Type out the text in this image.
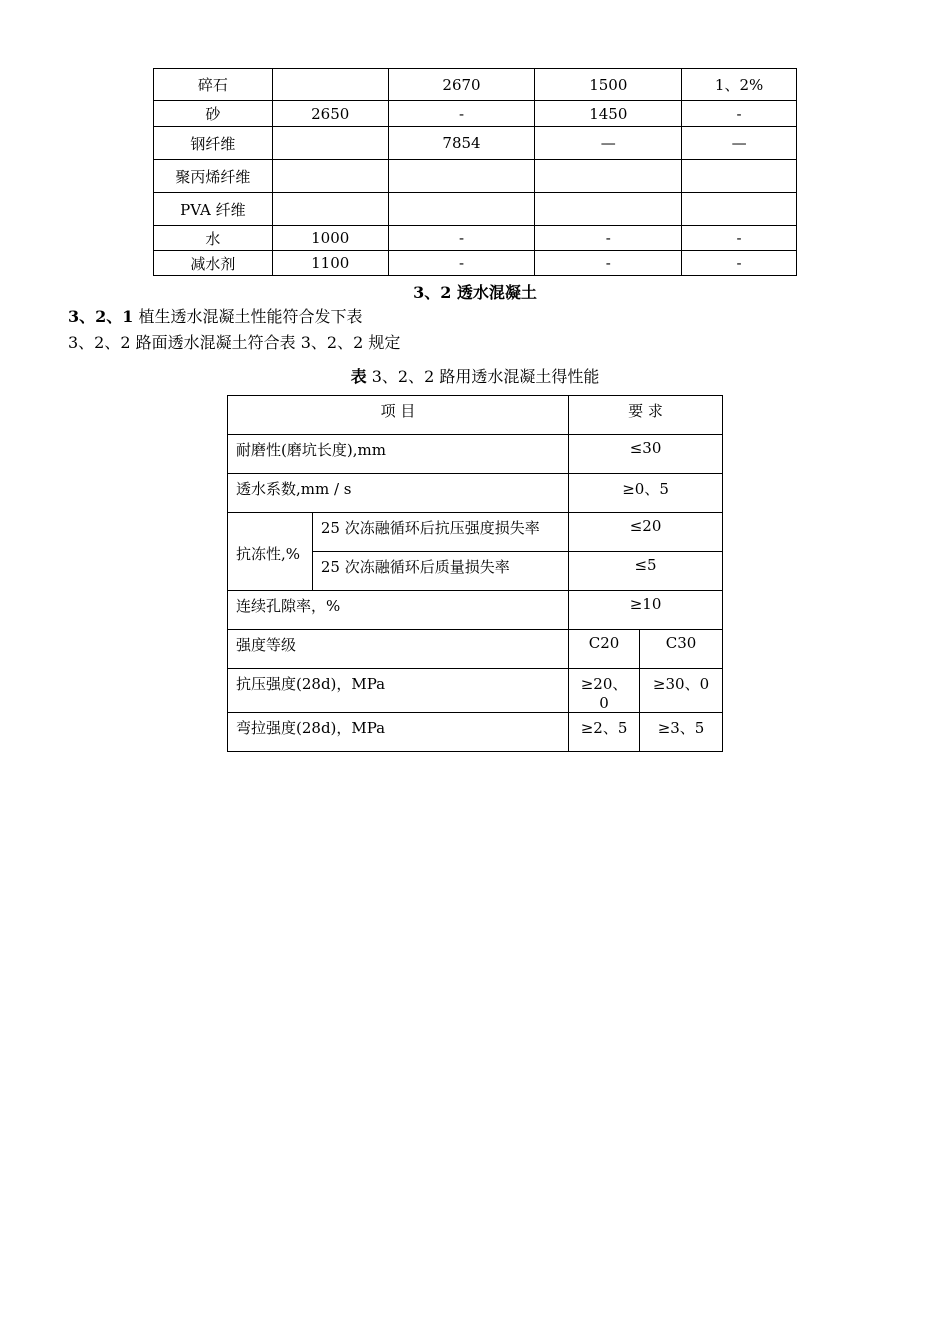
碎石		2670	1500	1、2%
砂	2650	-	1450	-
钢纤维		7854	—	—
聚丙烯纤维				
PVA 纤维				
水	1000	-	-	-
减水剂	1100	-	-	-
3、2 透水混凝土
3、2、1 植生透水混凝土性能符合发下表
3、2、2 路面透水混凝土符合表 3、2、2 规定
表 3、2、2 路用透水混凝土得性能
项 目		要 求	
耐磨性(磨坑长度),mm		≤30	
透水系数,mm / s		≥0、5	
抗冻性,%	25 次冻融循环后抗压强度损失率	≤20	
	25 次冻融循环后质量损失率	≤5	
连续孔隙率，%		≥10	
强度等级		C20	C30
抗压强度(28d)，MPa		≥20、0	≥30、0
弯拉强度(28d)，MPa		≥2、5	≥3、5
